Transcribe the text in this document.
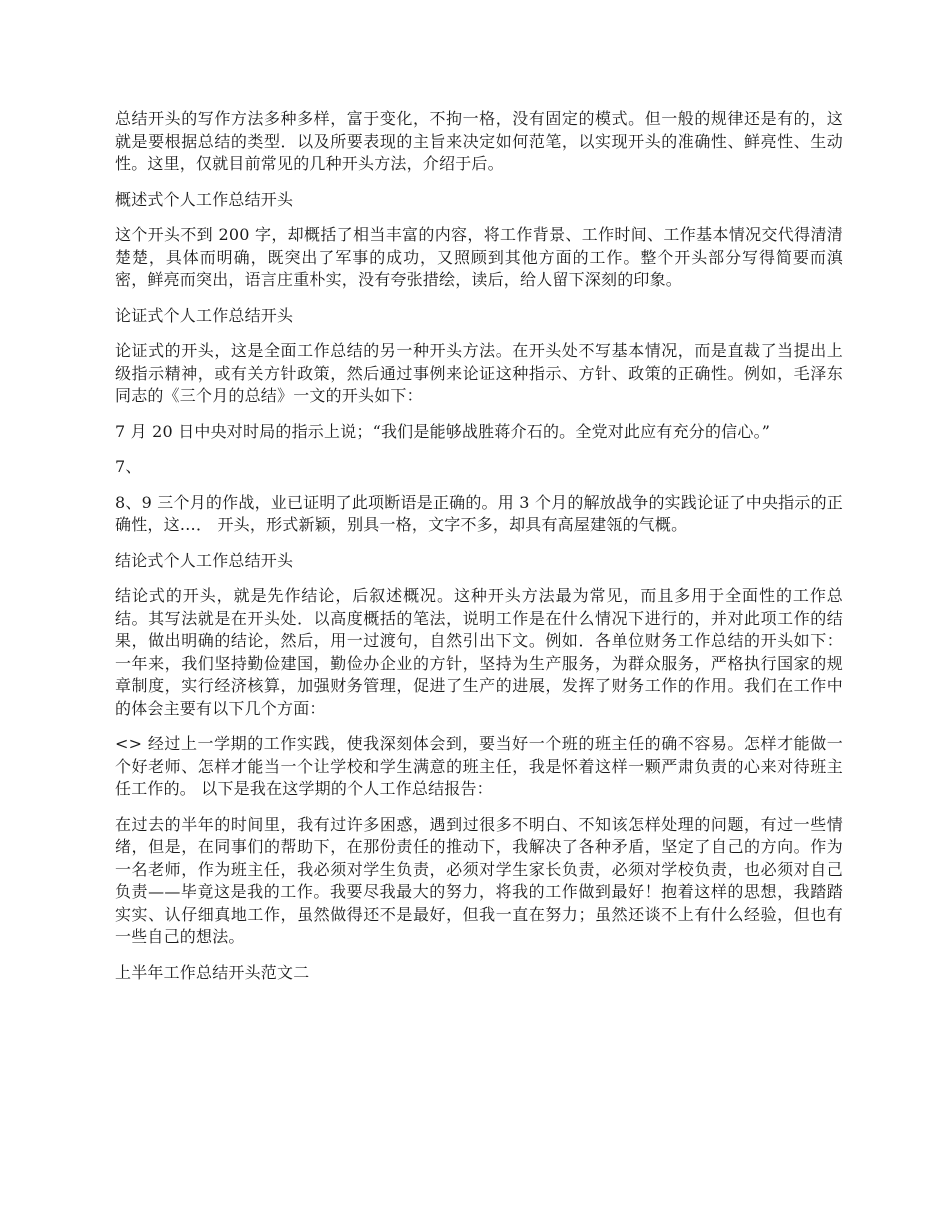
总结开头的写作方法多种多样，富于变化，不拘一格，没有固定的模式。但一般的规律还是有的，这就是要根据总结的类型．以及所要表现的主旨来决定如何范笔，以实现开头的准确性、鲜亮性、生动性。这里，仅就目前常见的几种开头方法，介绍于后。

概述式个人工作总结开头

这个开头不到 200 字，却概括了相当丰富的内容，将工作背景、工作时间、工作基本情况交代得清清楚楚，具体而明确，既突出了军事的成功，又照顾到其他方面的工作。整个开头部分写得简要而滇密，鲜亮而突出，语言庄重朴实，没有夸张措绘，读后，给人留下深刻的印象。

论证式个人工作总结开头

论证式的开头，这是全面工作总结的另一种开头方法。在开头处不写基本情况，而是直裁了当提出上级指示精神，或有关方针政策，然后通过事例来论证这种指示、方针、政策的正确性。例如，毛泽东同志的《三个月的总结》一文的开头如下：

7 月 20 日中央对时局的指示上说；“我们是能够战胜蒋介石的。全党对此应有充分的信心。”

7、

8、9 三个月的作战，业已证明了此项断语是正确的。用 3 个月的解放战争的实践论证了中央指示的正确性，这…． 开头，形式新颖，别具一格，文字不多，却具有高屋建瓴的气概。

结论式个人工作总结开头

结论式的开头，就是先作结论，后叙述概况。这种开头方法最为常见，而且多用于全面性的工作总结。其写法就是在开头处．以高度概括的笔法，说明工作是在什么情况下进行的，并对此项工作的结果，做出明确的结论，然后，用一过渡句，自然引出下文。例如．各单位财务工作总结的开头如下： 一年来，我们坚持勤俭建国，勤俭办企业的方针，坚持为生产服务，为群众服务，严格执行国家的规章制度，实行经济核算，加强财务管理，促进了生产的进展，发挥了财务工作的作用。我们在工作中的体会主要有以下几个方面：

<> 经过上一学期的工作实践，使我深刻体会到，要当好一个班的班主任的确不容易。怎样才能做一个好老师、怎样才能当一个让学校和学生满意的班主任，我是怀着这样一颗严肃负责的心来对待班主任工作的。 以下是我在这学期的个人工作总结报告：

在过去的半年的时间里，我有过许多困惑，遇到过很多不明白、不知该怎样处理的问题，有过一些情绪，但是，在同事们的帮助下，在那份责任的推动下，我解决了各种矛盾，坚定了自己的方向。作为一名老师，作为班主任，我必须对学生负责，必须对学生家长负责，必须对学校负责，也必须对自己负责——毕竟这是我的工作。我要尽我最大的努力，将我的工作做到最好！抱着这样的思想，我踏踏实实、认仔细真地工作，虽然做得还不是最好，但我一直在努力；虽然还谈不上有什么经验，但也有一些自己的想法。

上半年工作总结开头范文二
